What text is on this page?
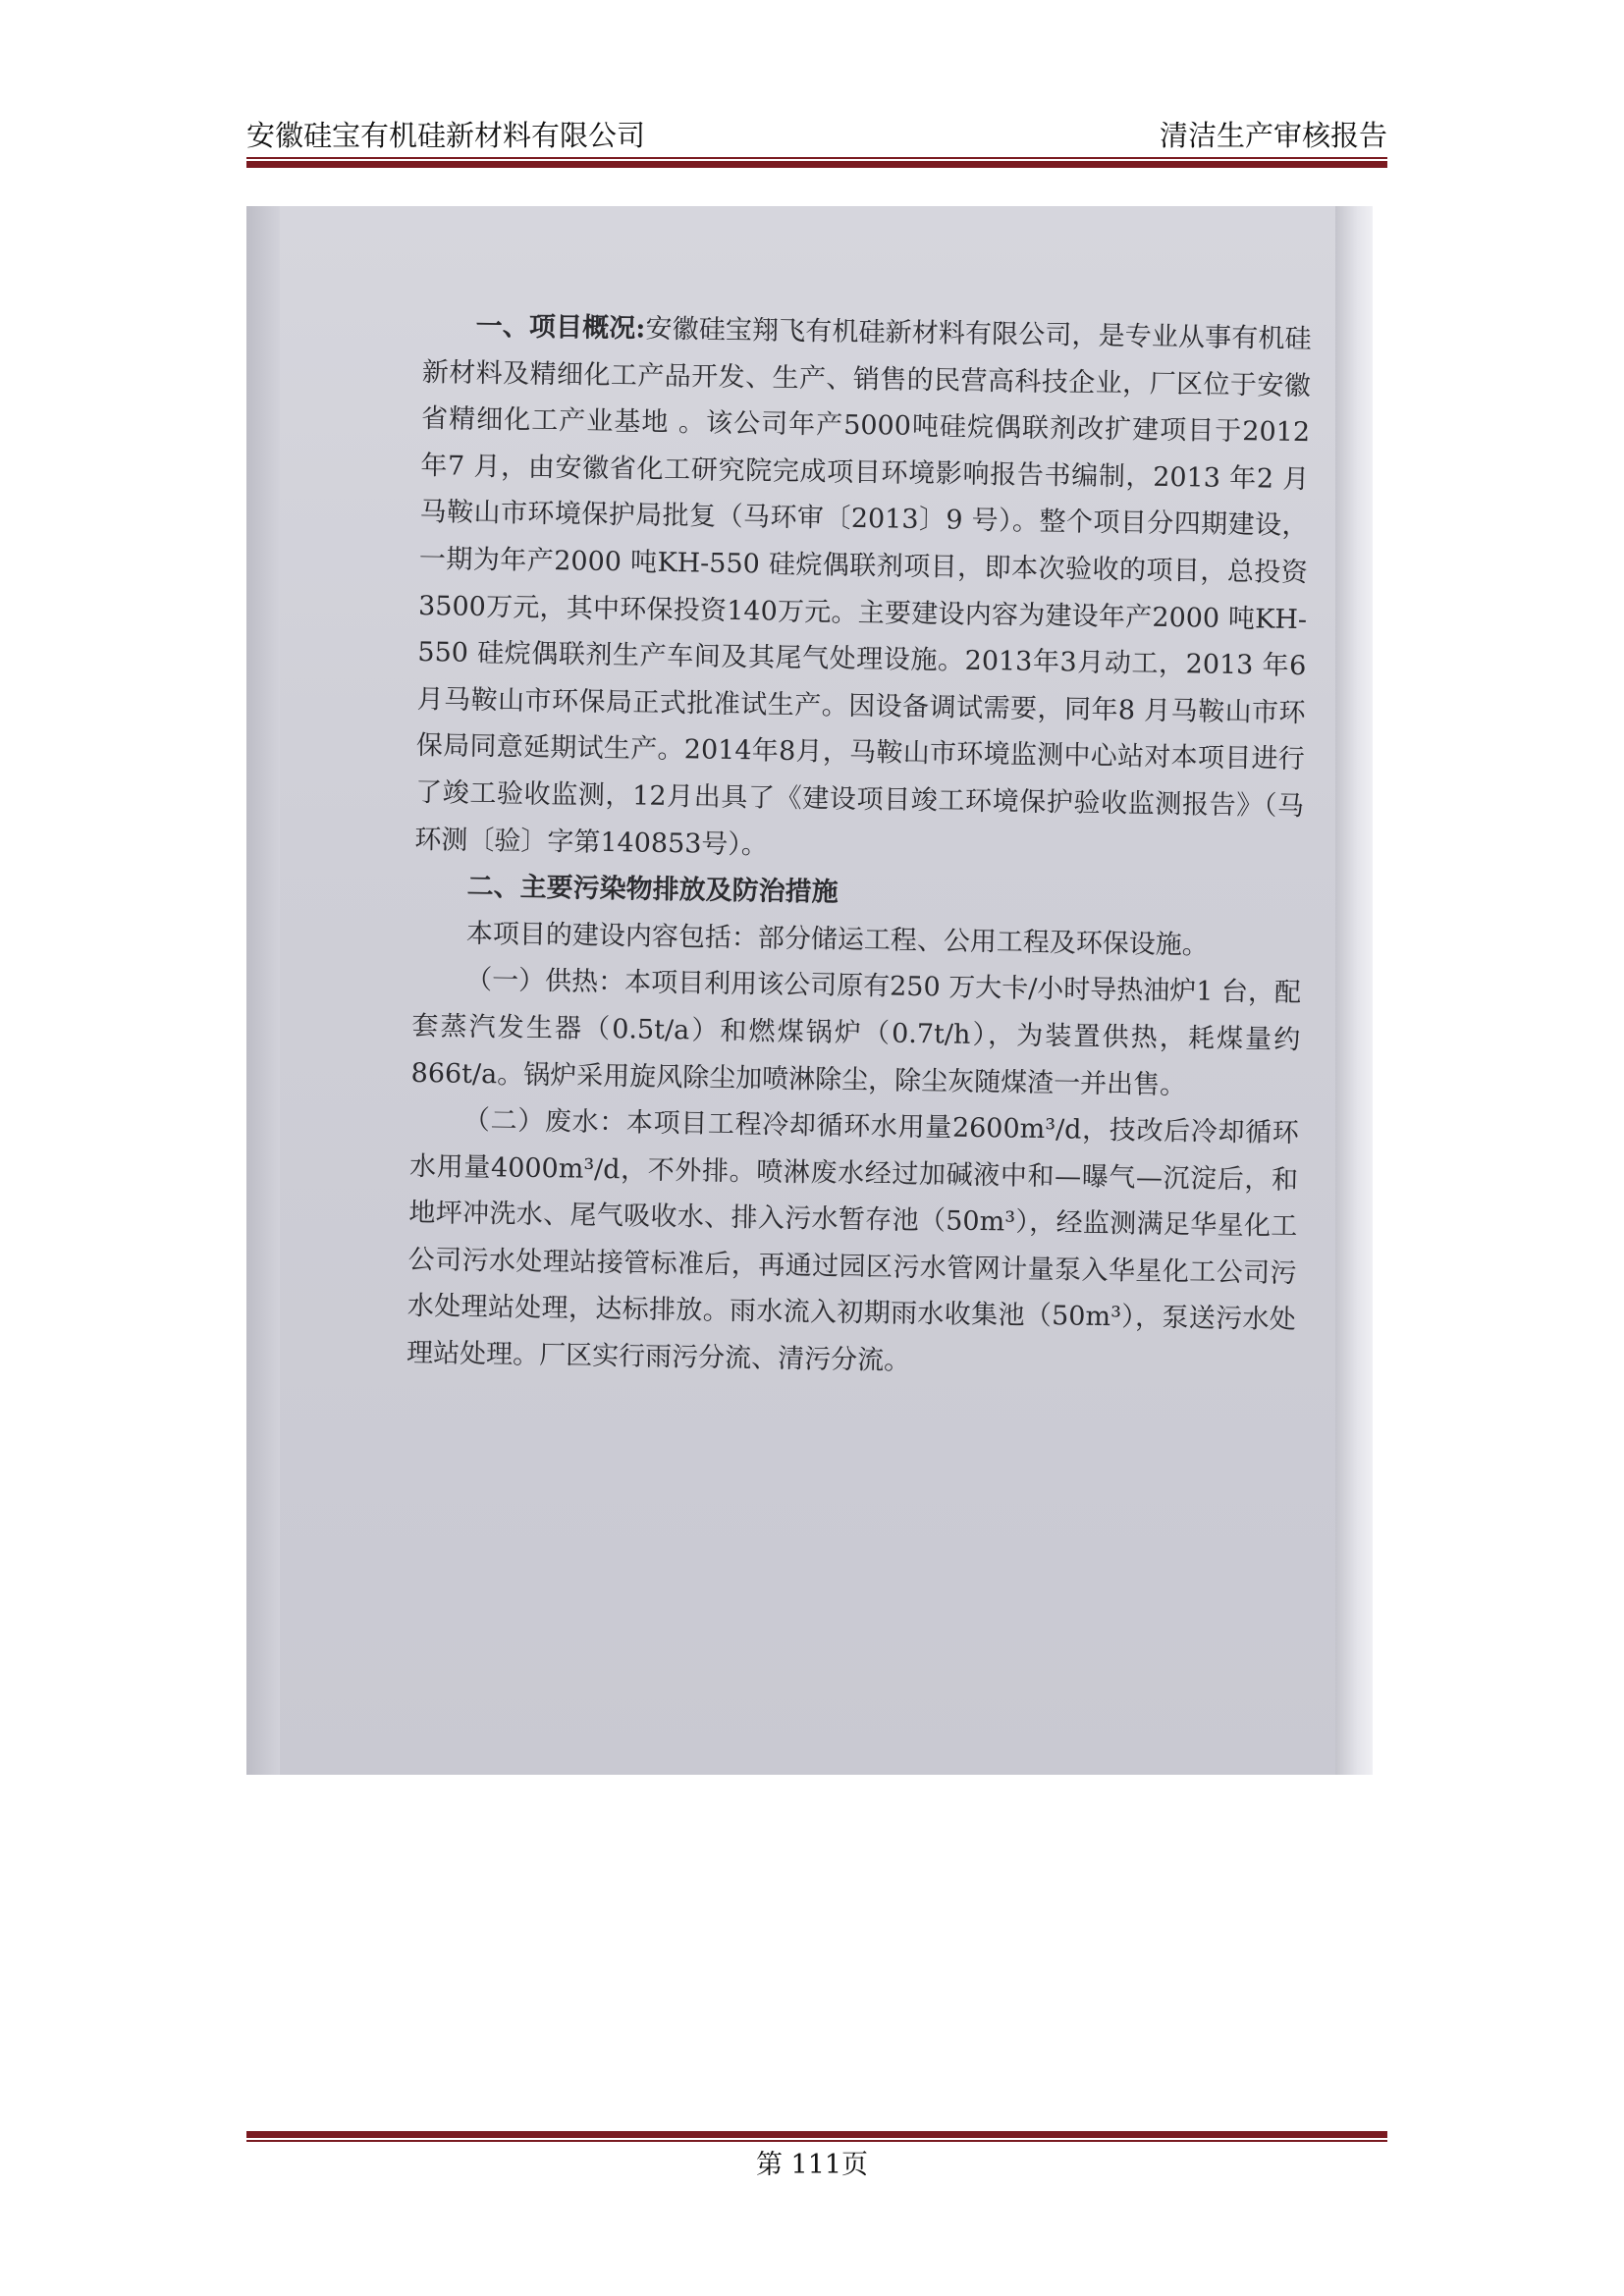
安徽硅宝有机硅新材料有限公司	清洁生产审核报告

一、项目概况:安徽硅宝翔飞有机硅新材料有限公司，是专业从事有机硅新材料及精细化工产品开发、生产、销售的民营高科技企业，厂区位于安徽省精细化工产业基地 。该公司年产5000吨硅烷偶联剂改扩建项目于2012 年7 月，由安徽省化工研究院完成项目环境影响报告书编制，2013 年2 月马鞍山市环境保护局批复（马环审〔2013〕9 号）。整个项目分四期建设，一期为年产2000 吨KH-550 硅烷偶联剂项目，即本次验收的项目，总投资3500万元，其中环保投资140万元。主要建设内容为建设年产2000 吨KH-550 硅烷偶联剂生产车间及其尾气处理设施。2013年3月动工，2013 年6 月马鞍山市环保局正式批准试生产。因设备调试需要，同年8 月马鞍山市环保局同意延期试生产。2014年8月，马鞍山市环境监测中心站对本项目进行了竣工验收监测，12月出具了《建设项目竣工环境保护验收监测报告》（马环测〔验〕字第140853号）。

二、主要污染物排放及防治措施

本项目的建设内容包括：部分储运工程、公用工程及环保设施。

（一）供热：本项目利用该公司原有250 万大卡/小时导热油炉1 台，配套蒸汽发生器（0.5t/a）和燃煤锅炉（0.7t/h），为装置供热，耗煤量约866t/a。锅炉采用旋风除尘加喷淋除尘，除尘灰随煤渣一并出售。

（二）废水：本项目工程冷却循环水用量2600m³/d，技改后冷却循环水用量4000m³/d，不外排。喷淋废水经过加碱液中和—曝气—沉淀后，和地坪冲洗水、尾气吸收水、排入污水暂存池（50m³），经监测满足华星化工公司污水处理站接管标准后，再通过园区污水管网计量泵入华星化工公司污水处理站处理，达标排放。雨水流入初期雨水收集池（50m³），泵送污水处理站处理。厂区实行雨污分流、清污分流。

第 111页
